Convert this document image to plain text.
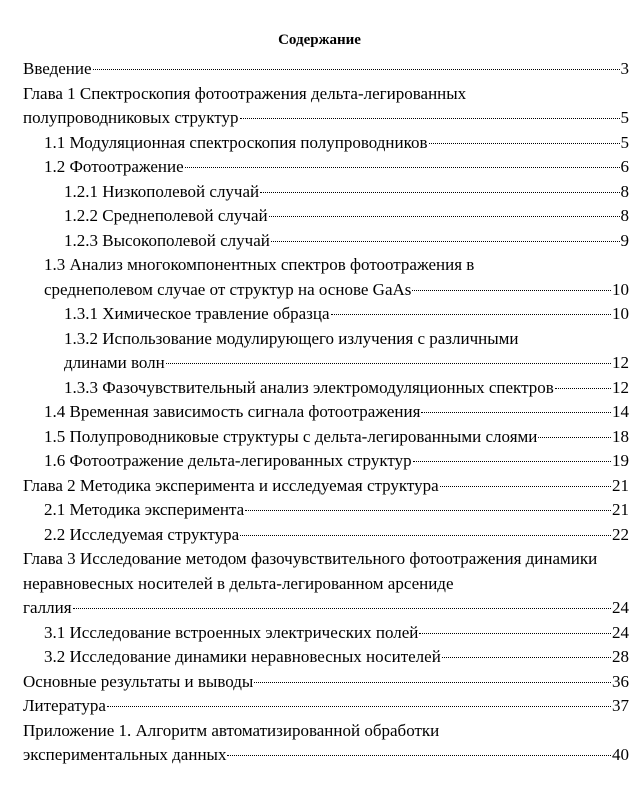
Содержание
Введение	3
Глава 1 Спектроскопия фотоотражения дельта-легированных
полупроводниковых структур	5
1.1 Модуляционная спектроскопия полупроводников	5
1.2 Фотоотражение	6
1.2.1 Низкополевой случай	8
1.2.2 Среднеполевой случай	8
1.2.3 Высокополевой случай	9
1.3 Анализ многокомпонентных спектров фотоотражения в
среднеполевом случае от структур на основе GaAs	10
1.3.1 Химическое травление образца	10
1.3.2 Использование модулирующего излучения с различными
длинами волн	12
1.3.3 Фазочувствительный анализ электромодуляционных спектров	12
1.4 Временная зависимость сигнала фотоотражения	14
1.5 Полупроводниковые структуры с дельта-легированными слоями	18
1.6 Фотоотражение дельта-легированных структур	19
Глава 2 Методика эксперимента и исследуемая структура	21
2.1 Методика эксперимента	21
2.2 Исследуемая структура	22
Глава 3 Исследование методом фазочувствительного фотоотражения динамики неравновесных носителей в дельта-легированном арсениде
галлия	24
3.1 Исследование встроенных электрических полей	24
3.2 Исследование динамики неравновесных носителей	28
Основные результаты и выводы	36
Литература	37
Приложение 1. Алгоритм автоматизированной обработки
экспериментальных данных	40
